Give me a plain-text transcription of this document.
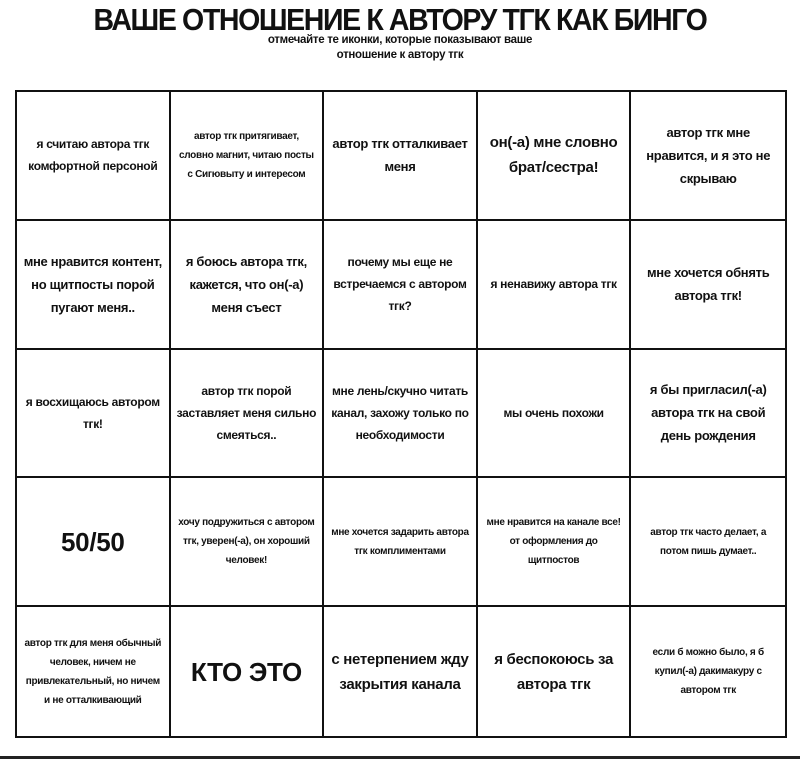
ВАШЕ ОТНОШЕНИЕ К АВТОРУ ТГК КАК БИНГО
отмечайте те иконки, которые показывают ваше отношение к автору тгк
я считаю автора тгк комфортной персоной
автор тгк притягивает, словно магнит, читаю посты с Сигювыту и интересом
автор тгк отталкивает меня
он(-а) мне словно брат/сестра!
автор тгк мне нравится, и я это не скрываю
мне нравится контент, но щитпосты порой пугают меня..
я боюсь автора тгк, кажется, что он(-а) меня съест
почему мы еще не встречаемся с автором тгк?
я ненавижу автора тгк
мне хочется обнять автора тгк!
я восхищаюсь автором тгк!
автор тгк порой заставляет меня сильно смеяться..
мне лень/скучно читать канал, захожу только по необходимости
мы очень похожи
я бы пригласил(-а) автора тгк на свой день рождения
50/50
хочу подружиться с автором тгк, уверен(-а), он хороший человек!
мне хочется задарить автора тгк комплиментами
мне нравится на канале все! от оформления до щитпостов
автор тгк часто делает, а потом пишь думает..
автор тгк для меня обычный человек, ничем не привлекательный, но ничем и не отталкивающий
КТО ЭТО	с нетерпением жду закрытия канала
я беспокоюсь за автора тгк
если б можно было, я б купил(-а) дакимакуру с автором тгк
